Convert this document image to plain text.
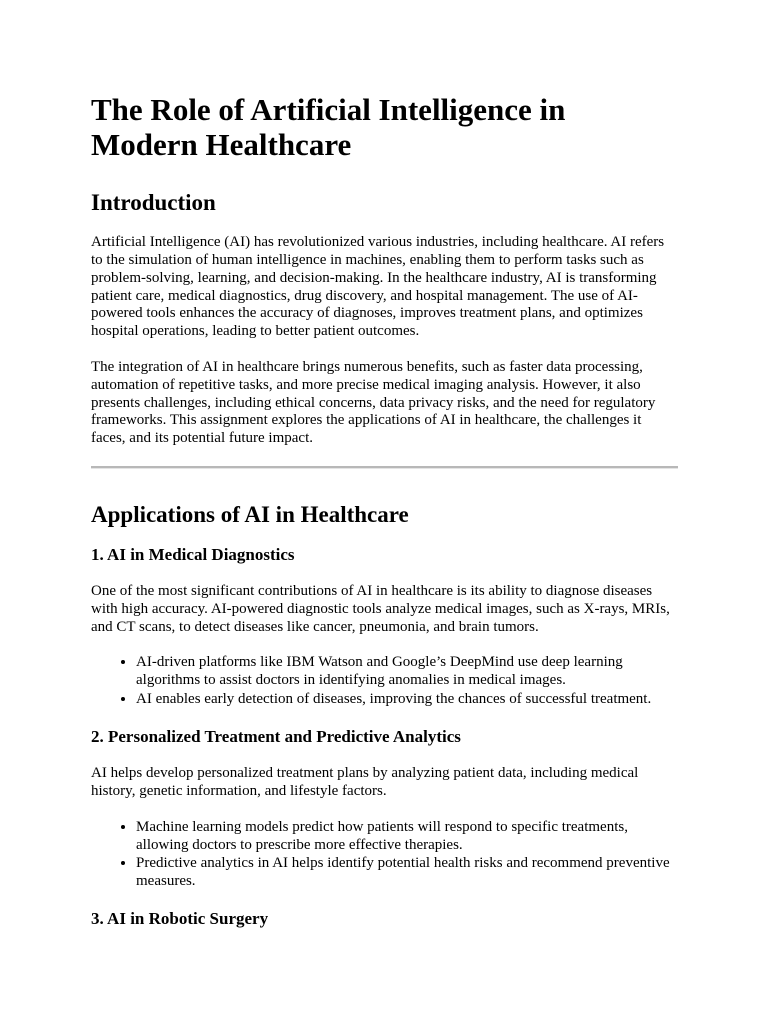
The Role of Artificial Intelligence in Modern Healthcare
Introduction

Artificial Intelligence (AI) has revolutionized various industries, including healthcare. AI refers to the simulation of human intelligence in machines, enabling them to perform tasks such as problem-solving, learning, and decision-making. In the healthcare industry, AI is transforming patient care, medical diagnostics, drug discovery, and hospital management. The use of AI-powered tools enhances the accuracy of diagnoses, improves treatment plans, and optimizes hospital operations, leading to better patient outcomes.

The integration of AI in healthcare brings numerous benefits, such as faster data processing, automation of repetitive tasks, and more precise medical imaging analysis. However, it also presents challenges, including ethical concerns, data privacy risks, and the need for regulatory frameworks. This assignment explores the applications of AI in healthcare, the challenges it faces, and its potential future impact.

Applications of AI in Healthcare
1. AI in Medical Diagnostics

One of the most significant contributions of AI in healthcare is its ability to diagnose diseases with high accuracy. AI-powered diagnostic tools analyze medical images, such as X-rays, MRIs, and CT scans, to detect diseases like cancer, pneumonia, and brain tumors.

• AI-driven platforms like IBM Watson and Google’s DeepMind use deep learning algorithms to assist doctors in identifying anomalies in medical images.
• AI enables early detection of diseases, improving the chances of successful treatment.
2. Personalized Treatment and Predictive Analytics

AI helps develop personalized treatment plans by analyzing patient data, including medical history, genetic information, and lifestyle factors.

• Machine learning models predict how patients will respond to specific treatments, allowing doctors to prescribe more effective therapies.
• Predictive analytics in AI helps identify potential health risks and recommend preventive measures.
3. AI in Robotic Surgery
